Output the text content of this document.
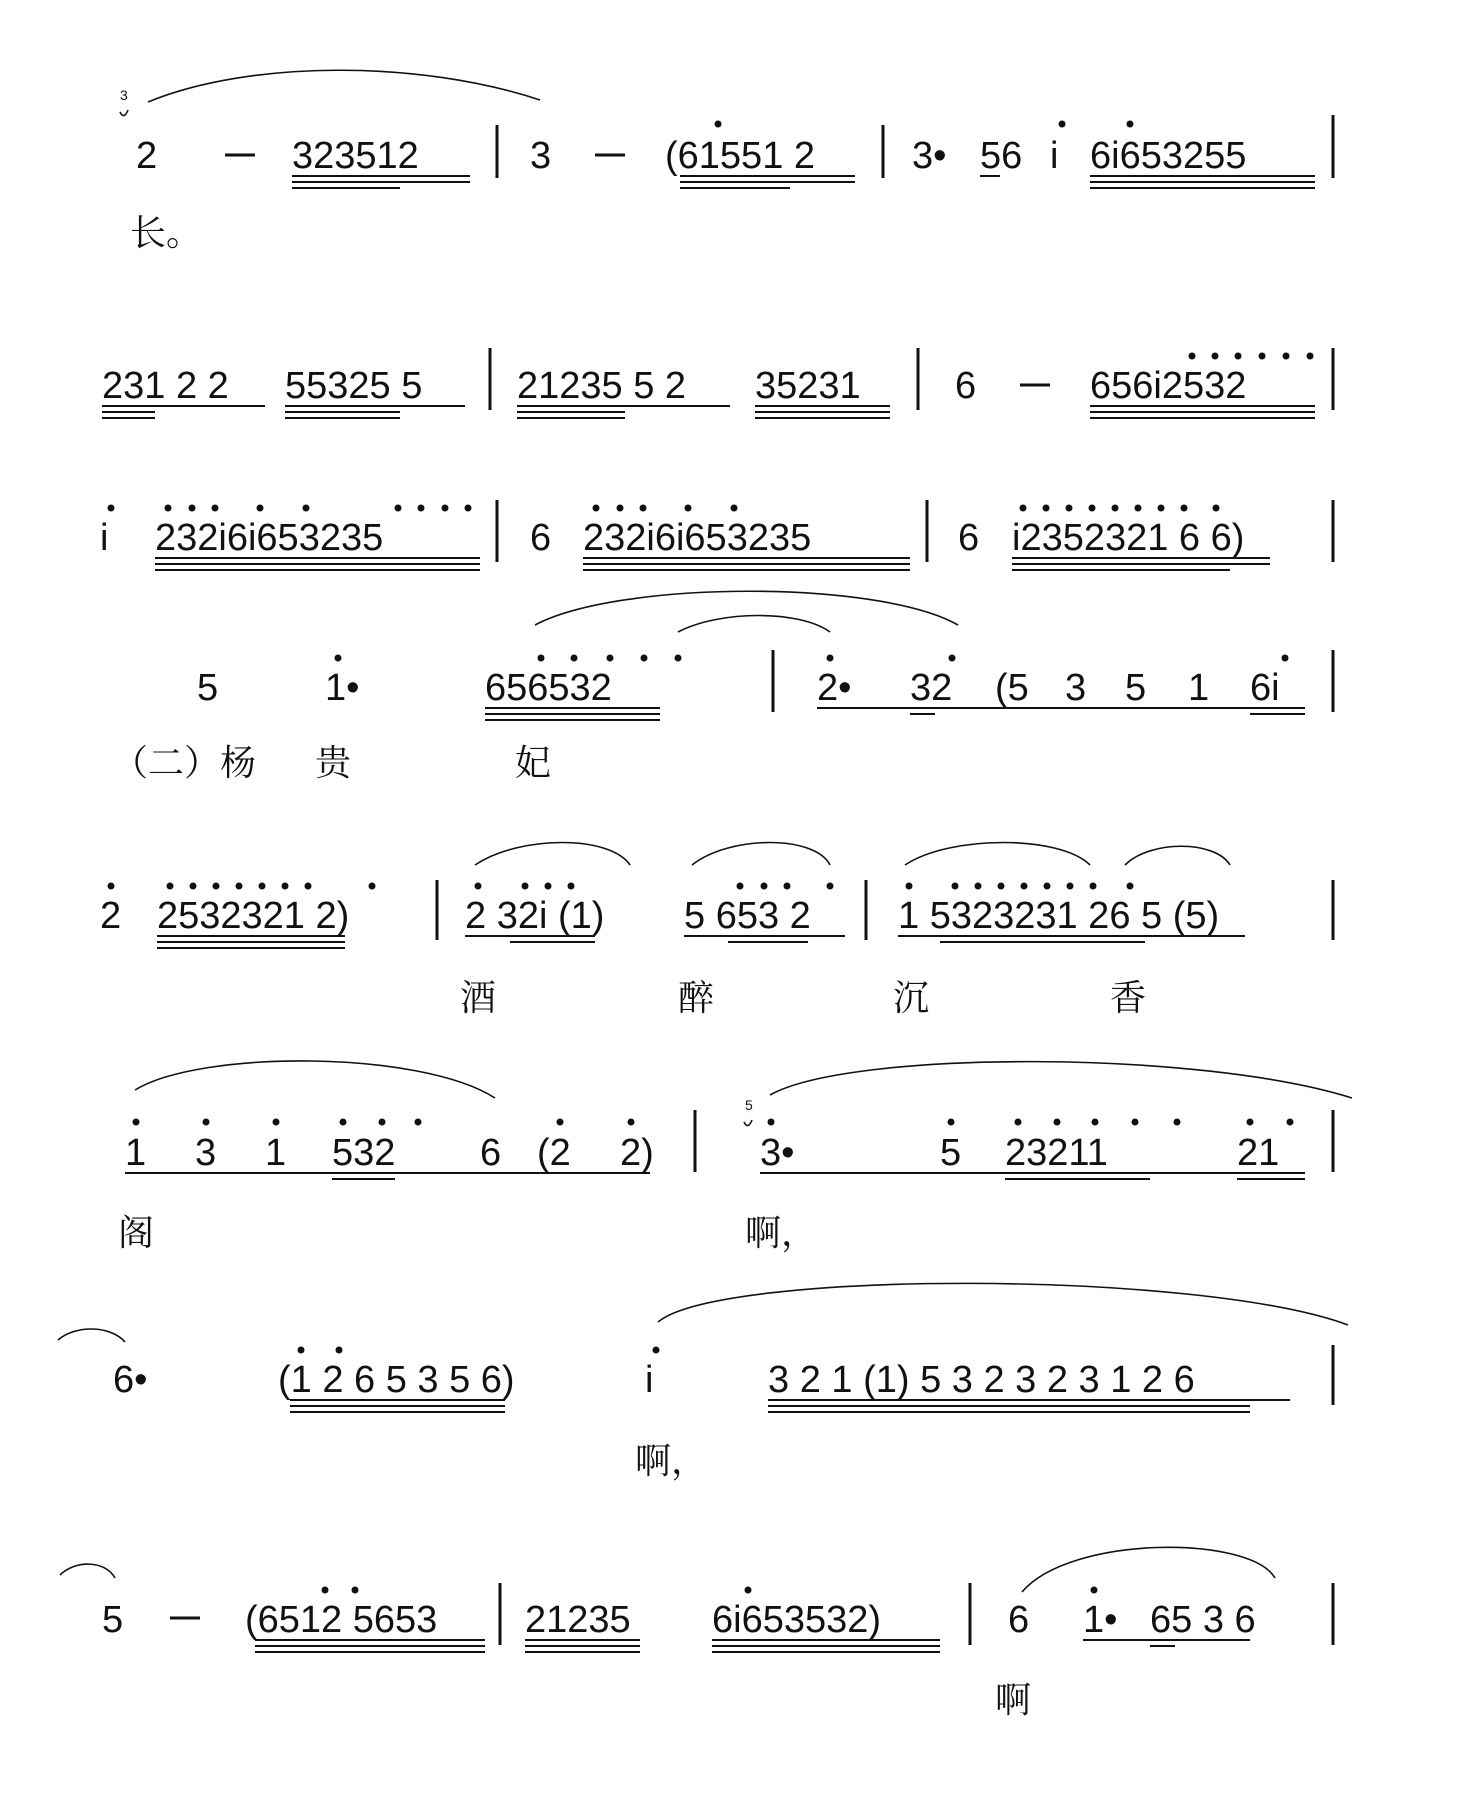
3
2	323512	3	(61551 2	3• 56 i 6i653255
长。
231 2 2 55325 5 21235 5 2 35231 6	656i2532
i 232i6i653235	6 232i6i653235	6 i2352321 6 6)
5	1•	656532	2• 32 (5 3 5 1 6i
（二）杨 贵	妃
2 2532321 2)	2 32i (1) 5 653 2 1 5323231 26 5 (5)
酒	醉	沉	香
1 3 1 532 6 (2 2)
5
3•	5 23211	21
阁	啊，
6•	(1 2 6 5 3 5 6)	i	3 2 1 (1) 5 3 2 3 2 3 1 2 6
啊，
5	(6512 5653 21235 6i653532)	6 1• 65 3 6
啊
